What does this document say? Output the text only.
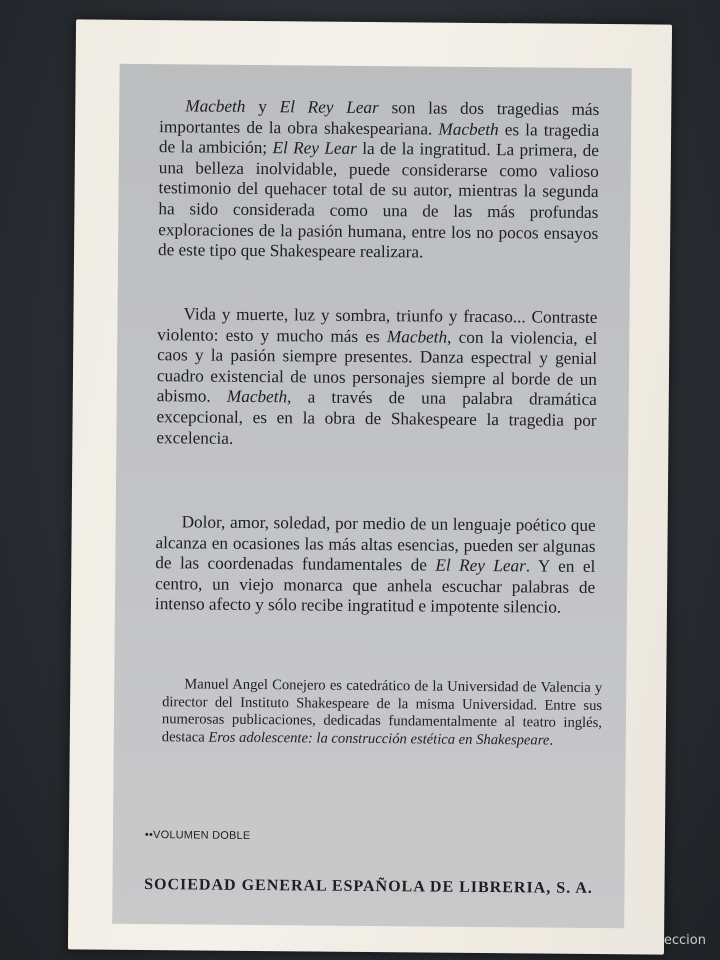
Macbeth y El Rey Lear son las dos tragedias más importantes de la obra shakespeariana. Macbeth es la tragedia de la ambición; El Rey Lear la de la ingratitud. La primera, de una belleza inolvidable, puede considerarse como valioso testimonio del quehacer total de su autor, mientras la segunda ha sido considerada como una de las más profundas exploraciones de la pasión humana, entre los no pocos ensayos de este tipo que Shakespeare realizara.

Vida y muerte, luz y sombra, triunfo y fracaso... Contraste violento: esto y mucho más es Macbeth, con la violencia, el caos y la pasión siempre presentes. Danza espectral y genial cuadro existencial de unos personajes siempre al borde de un abismo. Macbeth, a través de una palabra dramática excepcional, es en la obra de Shakespeare la tragedia por excelencia.

Dolor, amor, soledad, por medio de un lenguaje poético que alcanza en ocasiones las más altas esencias, pueden ser algunas de las coordenadas fundamentales de El Rey Lear. Y en el centro, un viejo monarca que anhela escuchar palabras de intenso afecto y sólo recibe ingratitud e impotente silencio.

Manuel Angel Conejero es catedrático de la Universidad de Valencia y director del Instituto Shakespeare de la misma Universidad. Entre sus numerosas publicaciones, dedicadas fundamentalmente al teatro inglés, destaca Eros adolescente: la construcción estética en Shakespeare.

••VOLUMEN DOBLE
SOCIEDAD GENERAL ESPAÑOLA DE LIBRERIA, S. A.
todocoleccion
